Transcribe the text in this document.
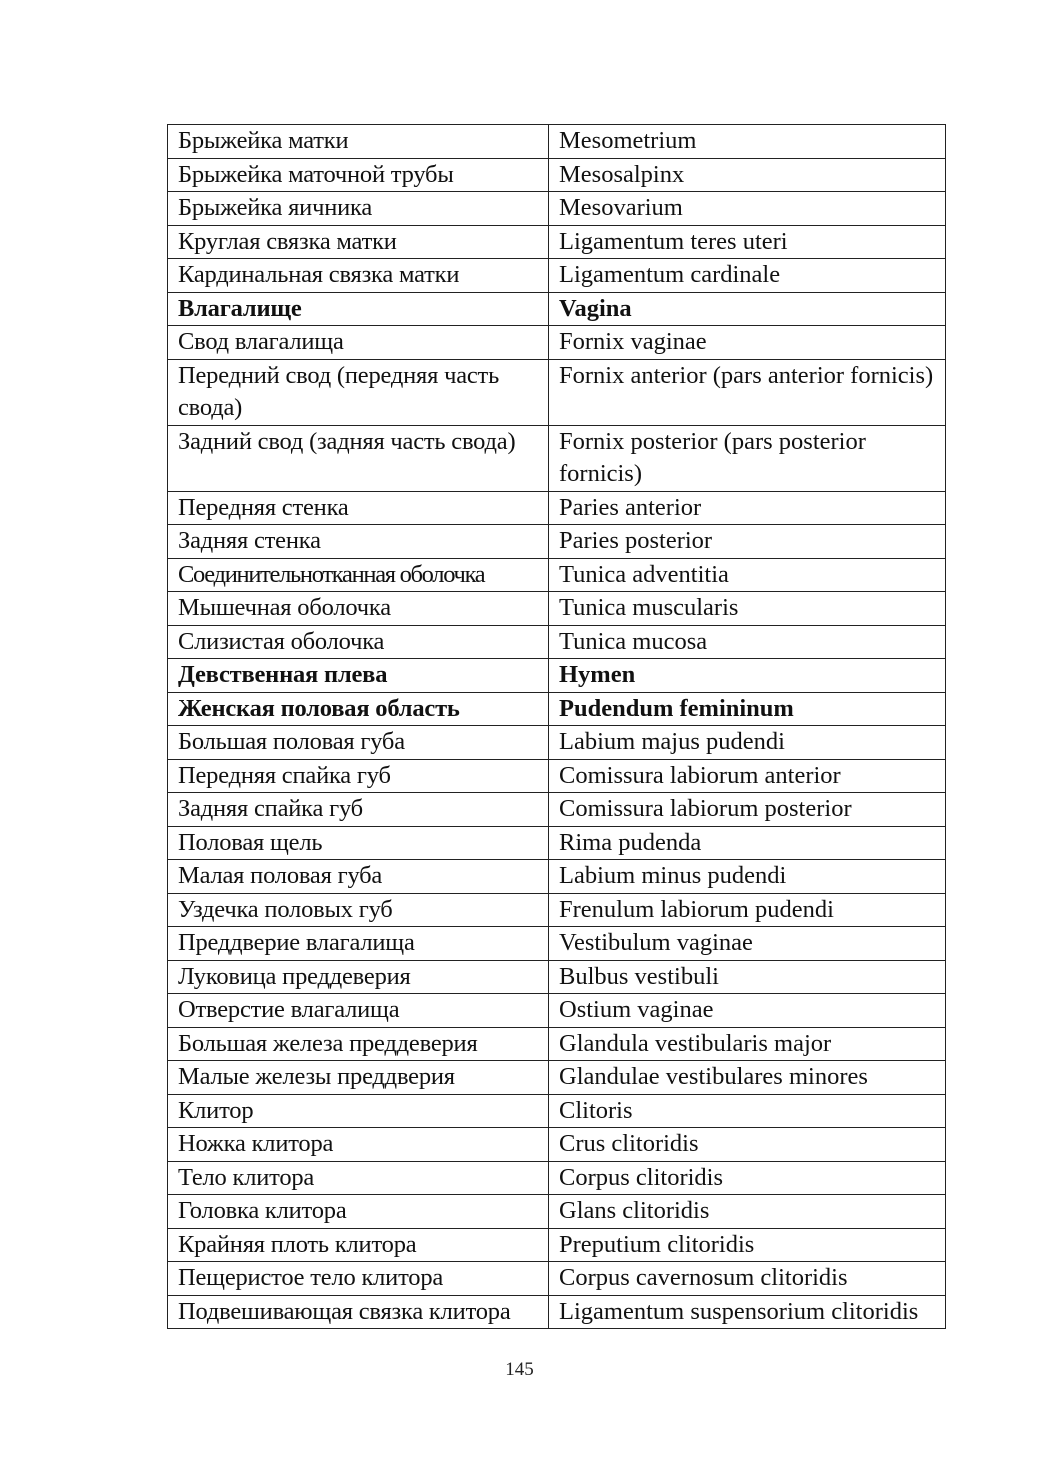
Брыжейка матки	Mesometrium
Брыжейка маточной трубы	Mesosalpinx
Брыжейка яичника	Mesovarium
Круглая связка матки	Ligamentum teres uteri
Кардинальная связка матки	Ligamentum cardinale
Влагалище	Vagina
Свод влагалища	Fornix vaginae
Передний свод (передняя часть свода)	Fornix anterior (pars anterior fornicis)
Задний свод (задняя часть свода)	Fornix posterior (pars posterior fornicis)
Передняя стенка	Paries anterior
Задняя стенка	Paries posterior
Соединительнотканная оболочка	Tunica adventitia
Мышечная оболочка	Tunica muscularis
Слизистая оболочка	Tunica mucosa
Девственная плева	Hymen
Женская половая область	Pudendum femininum
Большая половая губа	Labium majus pudendi
Передняя спайка губ	Comissura labiorum anterior
Задняя спайка губ	Comissura labiorum posterior
Половая щель	Rima pudenda
Малая половая губа	Labium minus pudendi
Уздечка половых губ	Frenulum labiorum pudendi
Преддверие влагалища	Vestibulum vaginae
Луковица преддеверия	Bulbus vestibuli
Отверстие влагалища	Ostium vaginae
Большая железа преддеверия	Glandula vestibularis major
Малые железы преддверия	Glandulae vestibulares minores
Клитор	Clitoris
Ножка клитора	Crus clitoridis
Тело клитора	Corpus clitoridis
Головка клитора	Glans clitoridis
Крайняя плоть клитора	Preputium clitoridis
Пещеристое тело клитора	Corpus cavernosum clitoridis
Подвешивающая связка клитора	Ligamentum suspensorium clitoridis
145
